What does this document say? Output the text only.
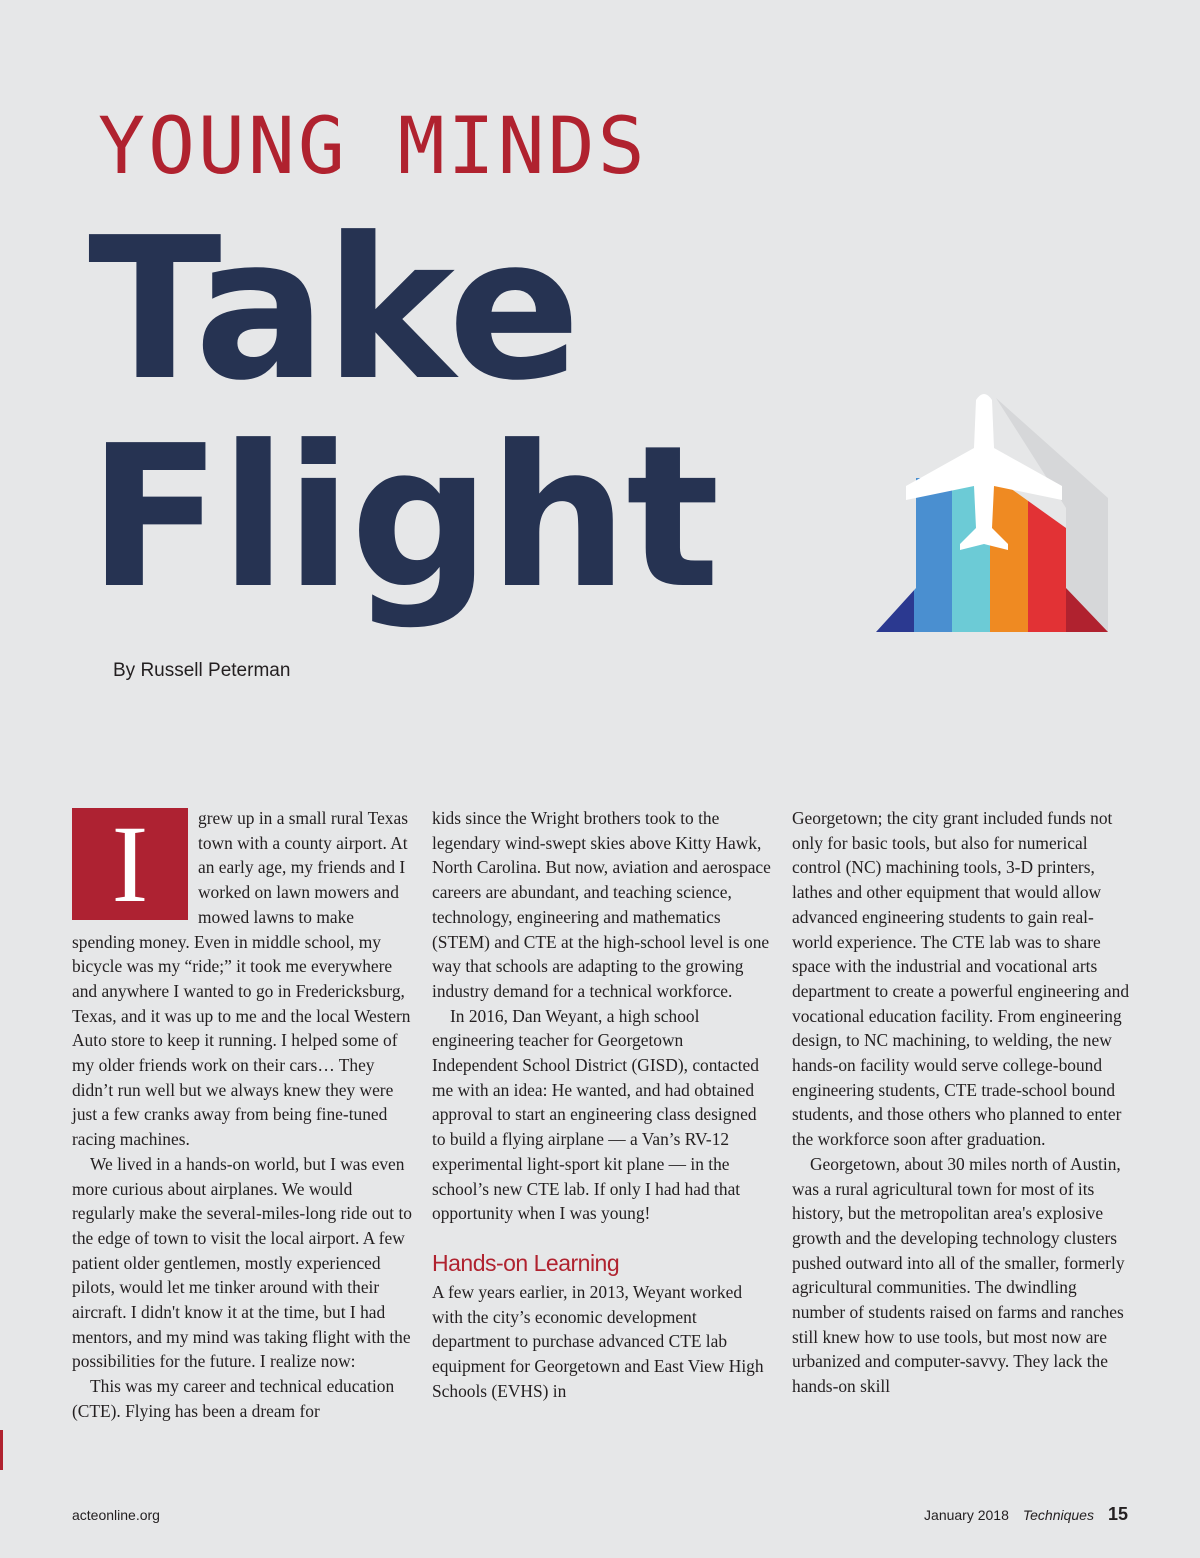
YOUNG MINDS
Take
Flight
By Russell Peterman
I	grew up in a small rural Texas town with a county airport. At an early age, my friends and I worked on lawn mowers and mowed lawns to make spending money. Even in middle school, my bicycle was my “ride;” it took me everywhere and anywhere I wanted to go in Fredericksburg, Texas, and it was up to me and the local Western Auto store to keep it running. I helped some of my older friends work on their cars… They didn’t run well but we always knew they were just a few cranks away from being fine-tuned racing machines.

We lived in a hands-on world, but I was even more curious about airplanes. We would regularly make the several-miles-long ride out to the edge of town to visit the local airport. A few patient older gentlemen, mostly experienced pilots, would let me tinker around with their aircraft. I didn't know it at the time, but I had mentors, and my mind was taking flight with the possibilities for the future. I realize now:

This was my career and technical education (CTE). Flying has been a dream for

kids since the Wright brothers took to the legendary wind-swept skies above Kitty Hawk, North Carolina. But now, aviation and aerospace careers are abundant, and teaching science, technology, engineering and mathematics (STEM) and CTE at the high-school level is one way that schools are adapting to the growing industry demand for a technical workforce.

In 2016, Dan Weyant, a high school engineering teacher for Georgetown Independent School District (GISD), contacted me with an idea: He wanted, and had obtained approval to start an engineering class designed to build a flying airplane — a Van’s RV-12 experimental light-sport kit plane — in the school’s new CTE lab. If only I had had that opportunity when I was young!

Hands-on Learning

A few years earlier, in 2013, Weyant worked with the city’s economic development department to purchase advanced CTE lab equipment for Georgetown and East View High Schools (EVHS) in

Georgetown; the city grant included funds not only for basic tools, but also for numerical control (NC) machining tools, 3-D printers, lathes and other equipment that would allow advanced engineering students to gain real-world experience. The CTE lab was to share space with the industrial and vocational arts department to create a powerful engineering and vocational education facility. From engineering design, to NC machining, to welding, the new hands-on facility would serve college-bound engineering students, CTE trade-school bound students, and those others who planned to enter the workforce soon after graduation.

Georgetown, about 30 miles north of Austin, was a rural agricultural town for most of its history, but the metropolitan area's explosive growth and the developing technology clusters pushed outward into all of the smaller, formerly agricultural communities. The dwindling number of students raised on farms and ranches still knew how to use tools, but most now are urbanized and computer-savvy. They lack the hands-on skill

acteonline.org	January 2018 Techniques 15
